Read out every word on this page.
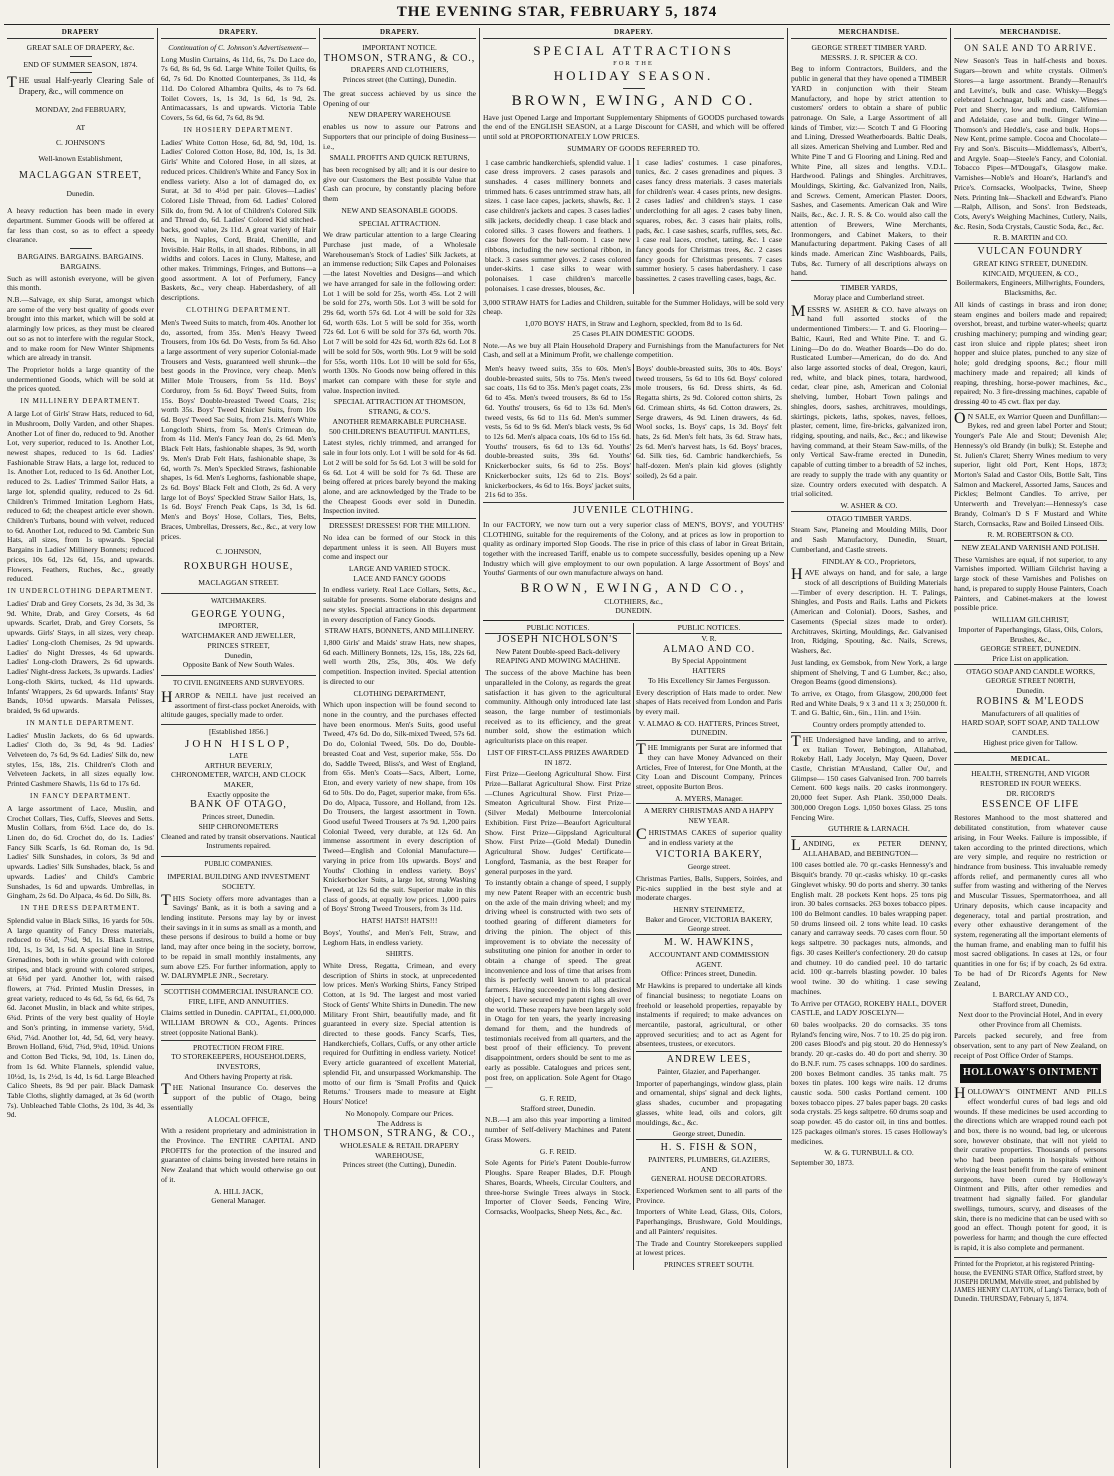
THE EVENING STAR, FEBRUARY 5, 1874
DRAPERY
GREAT SALE OF DRAPERY, &c.
END OF SUMMER SEASON, 1874.
THE usual Half-yearly Clearing Sale of Drapery, &c., will commence on
MONDAY, 2nd FEBRUARY,
AT
C. JOHNSON'S
Well-known Establishment,
MACLAGGAN STREET,
Dunedin.
A heavy reduction has been made in every department. Summer Goods will be offered at far less than cost, so as to effect a speedy clearance.
BARGAINS. BARGAINS. BARGAINS.
BARGAINS.
Such as will astonish everyone, will be given this month.
N.B.—Salvage, ex ship Surat, amongst which are some of the very best quality of goods ever brought into this market, which will be sold at alarmingly low prices, as they must be cleared out so as not to interfere with the regular Stock, and to make room for New Winter Shipments which are already in transit.
The Proprietor holds a large quantity of the undermentioned Goods, which will be sold at the prices quoted.
IN MILLINERY DEPARTMENT.
A large Lot of Girls' Straw Hats, reduced to 6d, in Mushroom, Dolly Varden, and other Shapes. Another Lot of finer do, reduced to 9d. Another Lot, very superior, reduced to 1s. Another Lot, newest shapes, reduced to 1s 6d. Ladies' Fashionable Straw Hats, a large lot, reduced to 1s. Another Lot, reduced to 1s 6d. Another Lot, reduced to 2s. Ladies' Trimmed Sailor Hats, a large lot, splendid quality, reduced to 2s 6d. Children's Trimmed Imitation Leghorn Hats, reduced to 6d; the cheapest article ever shown. Children's Turbans, bound with velvet, reduced to 6d. Another Lot, reduced to 9d. Cambric Sun Hats, all sizes, from 1s upwards. Special Bargains in Ladies' Millinery Bonnets; reduced prices, 10s 6d, 12s 6d, 15s, and upwards. Flowers, Feathers, Ruches, &c., greatly reduced.
IN UNDERCLOTHING DEPARTMENT.
Ladies' Drab and Grey Corsets, 2s 3d, 3s 3d, 3s 9d. White, Drab, and Grey Corsets, 4s 6d upwards. Scarlet, Drab, and Grey Corsets, 5s upwards. Girls' Stays, in all sizes, very cheap. Ladies' Long-cloth Chemises, 2s 9d upwards. Ladies' do Night Dresses, 4s 6d upwards. Ladies' Long-cloth Drawers, 2s 6d upwards. Ladies' Night-dress Jackets, 3s upwards. Ladies' Long-cloth Skirts, tucked, 4s 11d upwards. Infants' Wrappers, 2s 6d upwards. Infants' Stay Bands, 10½d upwards. Marsala Pelisses, braided, 9s 6d upwards.
IN MANTLE DEPARTMENT.
Ladies' Muslin Jackets, do 6s 6d upwards. Ladies' Cloth do, 3s 9d, 4s 9d. Ladies' Velveteen do, 7s 6d, 9s 6d. Ladies' Silk do, new styles, 15s, 18s, 21s. Children's Cloth and Velveteen Jackets, in all sizes equally low. Printed Cashmere Shawls, 11s 6d to 17s 6d.
IN FANCY DEPARTMENT.
A large assortment of Lace, Muslin, and Crochet Collars, Ties, Cuffs, Sleeves and Setts. Muslin Collars, from 6½d. Lace do, do 1s. Linen do, do 6d. Crochet do, do 1s. Ladies' Fancy Silk Scarfs, 1s 6d. Roman do, 1s 9d. Ladies' Silk Sunshades, in colors, 3s 9d and upwards. Ladies' Silk Sunshades, black, 5s and upwards. Ladies' and Child's Cambric Sunshades, 1s 6d and upwards. Umbrellas, in Gingham, 2s 6d. Do Alpaca, 4s 6d. Do Silk, 8s.
IN THE DRESS DEPARTMENT.
Splendid value in Black Silks, 16 yards for 50s. A large quantity of Fancy Dress materials, reduced to 6¼d, 7¼d, 9d, 1s. Black Lustres, 10d, 1s, 1s 3d, 1s 6d. A special line in Stripe Grenadines, both in white ground with colored stripes, and black ground with colored stripes, at 6¾d per yard. Another lot, with raised flowers, at 7¾d. Printed Muslin Dresses, in great variety, reduced to 4s 6d, 5s 6d, 6s 6d, 7s 6d. Jaconet Muslin, in black and white stripes, 6¾d. Prints of the very best quality of Hoyle and Son's printing, in immense variety, 5¼d, 6¾d, 7¼d. Another lot, 4d, 5d, 6d, very heavy. Brown Holland, 6¾d, 7¾d, 9¾d, 10¾d. Unions and Cotton Bed Ticks, 9d, 10d, 1s. Linen do, from 1s 6d. White Flannels, splendid value, 10½d, 1s, 1s 2½d, 1s 4d, 1s 6d. Large Bleached Calico Sheets, 8s 9d per pair. Black Damask Table Cloths, slightly damaged, at 3s 6d (worth 7s). Unbleached Table Cloths, 2s 10d, 3s 4d, 3s 9d.
DRAPERY.
Continuation of C. Johnson's Advertisement—
Long Muslin Curtains, 4s 11d, 6s, 7s. Do Lace do, 7s 6d, 8s 6d, 9s 6d. Large White Toilet Quilts, 6s 6d, 7s 6d. Do Knotted Counterpanes, 3s 11d, 4s 11d. Do Colored Alhambra Quilts, 4s to 7s 6d. Toilet Covers, 1s, 1s 3d, 1s 6d, 1s 9d, 2s. Antimacassars, 1s and upwards. Victoria Table Covers, 5s 6d, 6s 6d, 7s 6d, 8s 9d.
IN HOSIERY DEPARTMENT.
Ladies' White Cotton Hose, 6d, 8d, 9d, 10d, 1s. Ladies' Colored Cotton Hose, 8d, 10d, 1s, 1s 3d. Girls' White and Colored Hose, in all sizes, at reduced prices. Children's White and Fancy Sox in endless variety. Also a lot of damaged do, ex Surat, at 3d to 4½d per pair. Gloves—Ladies' Colored Lisle Thread, from 6d. Ladies' Colored Silk do, from 9d. A lot of Children's Colored Silk and Thread do, 6d. Ladies' Colored Kid stitched-backs, good value, 2s 11d. A great variety of Hair Nets, in Naples, Cord, Braid, Chenille, and Invisible. Hair Rolls, in all shades. Ribbons, in all widths and colors. Laces in Cluny, Maltese, and other makes. Trimmings, Fringes, and Buttons—a good assortment. A lot of Perfumery, Fancy Baskets, &c., very cheap. Haberdashery, of all descriptions.
CLOTHING DEPARTMENT.
Men's Tweed Suits to match, from 40s. Another lot do, assorted, from 35s. Men's Heavy Tweed Trousers, from 10s 6d. Do Vests, from 5s 6d. Also a large assortment of very superior Colonial-made Trousers and Vests, guaranteed well shrunk—the best goods in the Province, very cheap. Men's Miller Mole Trousers, from 5s 11d. Boys' Corduroy, from 5s 6d. Boys' Tweed Suits, from 15s. Boys' Double-breasted Tweed Coats, 21s; worth 35s. Boys' Tweed Knicker Suits, from 10s 6d. Boys' Tweed Sac Suits, from 21s. Men's White Longcloth Shirts, from 5s. Men's Crimean do, from 4s 11d. Men's Fancy Jean do, 2s 6d. Men's Black Felt Hats, fashionable shapes, 3s 9d, worth 9s. Men's Drab Felt Hats, fashionable shape, 3s 6d, worth 7s. Men's Speckled Straws, fashionable shapes, 1s 6d. Men's Leghorns, fashionable shape, 2s 6d. Boys' Black Felt and Cloth, 2s 6d. A very large lot of Boys' Speckled Straw Sailor Hats, 1s, 1s 6d. Boys' French Peak Caps, 1s 3d, 1s 6d. Men's and Boys' Hose, Collars, Ties, Belts, Braces, Umbrellas, Dressers, &c., &c., at very low prices.
C. JOHNSON,
ROXBURGH HOUSE,
MACLAGGAN STREET.
WATCHMAKERS.
GEORGE YOUNG,
IMPORTER,
WATCHMAKER AND JEWELLER,
PRINCES STREET,
Dunedin,
Opposite Bank of New South Wales.
TO CIVIL ENGINEERS AND SURVEYORS.
HARROP & NEILL have just received an assortment of first-class pocket Aneroids, with altitude gauges, specially made to order.
[Established 1856.]
JOHN HISLOP,
LATE
ARTHUR BEVERLY,
CHRONOMETER, WATCH, AND CLOCK MAKER,
Exactly opposite the
BANK OF OTAGO,
Princes street, Dunedin.
SHIP CHRONOMETERS
Cleaned and rated by transit observations. Nautical Instruments repaired.
PUBLIC COMPANIES.
IMPERIAL BUILDING AND INVESTMENT SOCIETY.
THIS Society offers more advantages than a Savings' Bank, as it is both a saving and a lending institute. Persons may lay by or invest their savings in it in sums as small as a month, and these persons if desirous to build a home or buy land, may after once being in the society, borrow, to be repaid in small monthly instalments, any sum above £25. For further information, apply to W. DALRYMPLE JNR., Secretary.
SCOTTISH COMMERCIAL INSURANCE CO.
FIRE, LIFE, AND ANNUITIES.
Claims settled in Dunedin. CAPITAL, £1,000,000. WILLIAM BROWN & CO., Agents. Princes street (opposite National Bank).
PROTECTION FROM FIRE.
TO STOREKEEPERS, HOUSEHOLDERS, INVESTORS,
And Others having Property at risk.
THE National Insurance Co. deserves the support of the public of Otago, being essentially
A LOCAL OFFICE,
With a resident proprietary and administration in the Province. The ENTIRE CAPITAL AND PROFITS for the protection of the insured and guarantee of claims being invested here retains in New Zealand that which would otherwise go out of it.
A. HILL JACK,
General Manager.
DRAPERY.
IMPORTANT NOTICE.
THOMSON, STRANG, & CO.,
DRAPERS AND CLOTHIERS,
Princes street (the Cutting), Dunedin.
The great success achieved by us since the Opening of our
NEW DRAPERY WAREHOUSE
enables us now to assure our Patrons and Supporters that our principle of doing Business—i.e.,
SMALL PROFITS AND QUICK RETURNS,
has been recognised by all; and it is our desire to give our Customers the Best possible Value that Cash can procure, by constantly placing before them
NEW AND SEASONABLE GOODS.
SPECIAL ATTRACTION.
We draw particular attention to a large Clearing Purchase just made, of a Wholesale Warehouseman's Stock of Ladies' Silk Jackets, at an immense reduction; Silk Capes and Polonaises—the latest Novelties and Designs—and which we have arranged for sale in the following order: Lot 1 will be sold for 25s, worth 45s. Lot 2 will be sold for 27s, worth 50s. Lot 3 will be sold for 29s 6d, worth 57s 6d. Lot 4 will be sold for 32s 6d, worth 63s. Lot 5 will be sold for 35s, worth 72s 6d. Lot 6 will be sold for 37s 6d, worth 70s. Lot 7 will be sold for 42s 6d, worth 82s 6d. Lot 8 will be sold for 50s, worth 90s. Lot 9 will be sold for 55s, worth 110s. Lot 10 will be sold for 65s, worth 130s. No Goods now being offered in this market can compare with these for style and value. Inspection invited.
SPECIAL ATTRACTION AT THOMSON, STRANG, & CO.'S.
ANOTHER REMARKABLE PURCHASE.
500 CHILDREN'S BEAUTIFUL MANTLES,
Latest styles, richly trimmed, and arranged for sale in four lots only. Lot 1 will be sold for 4s 6d. Lot 2 will be sold for 5s 6d. Lot 3 will be sold for 6s 6d. Lot 4 will be sold for 7s 6d. These are being offered at prices barely beyond the making alone, and are acknowledged by the Trade to be the Cheapest Goods ever sold in Dunedin. Inspection invited.
DRESSES! DRESSES! FOR THE MILLION.
No idea can be formed of our Stock in this department unless it is seen. All Buyers must come and inspect our
LARGE AND VARIED STOCK.
LACE AND FANCY GOODS
In endless variety. Real Lace Collars, Setts, &c., suitable for presents. Some elaborate designs and new styles. Special attractions in this department in every description of Fancy Goods.
STRAW HATS, BONNETS, AND MILLINERY.
1,800 Girls' and Maids' straw Hats, new shapes, 6d each. Millinery Bonnets, 12s, 15s, 18s, 22s 6d, well worth 20s, 25s, 30s, 40s. We defy competition. Inspection invited. Special attention is directed to our
CLOTHING DEPARTMENT,
Which upon inspection will be found second to none in the country, and the purchases effected have been enormous. Men's Suits, good useful Tweed, 47s 6d. Do do, Silk-mixed Tweed, 57s 6d. Do do, Colonial Tweed, 50s. Do do, Double-breasted Coat and Vest, superior make, 55s. Do do, Saddle Tweed, Bliss's, and West of England, from 65s. Men's Coats—Sacs, Albert, Lorne, Eton, and every variety of new shape, from 10s 6d to 50s. Do do, Paget, superior make, from 65s. Do do, Alpaca, Tussore, and Holland, from 12s. Do Trousers, the largest assortment in Town. Good useful Tweed Trousers at 7s 9d. 1,200 pairs Colonial Tweed, very durable, at 12s 6d. An immense assortment in every description of Tweed—English and Colonial Manufacture—varying in price from 10s upwards. Boys' and Youths' Clothing in endless variety. Boys' Knickerbocker Suits, a large lot, strong Washing Tweed, at 12s 6d the suit. Superior make in this class of goods, at equally low prices. 1,000 pairs of Boys' Strong Tweed Trousers, from 3s 11d.
HATS! HATS!! HATS!!!
Boys', Youths', and Men's Felt, Straw, and Leghorn Hats, in endless variety.
SHIRTS.
White Dress, Regatta, Crimean, and every description of Shirts in stock, at unprecedented low prices. Men's Working Shirts, Fancy Striped Cotton, at 1s 9d. The largest and most varied Stock of Gents' White Shirts in Dunedin. The new Military Front Shirt, beautifully made, and fit guaranteed in every size. Special attention is directed to these goods. Fancy Scarfs, Ties, Handkerchiefs, Collars, Cuffs, or any other article required for Outfitting in endless variety. Notice! Every article guaranteed of excellent Material, splendid Fit, and unsurpassed Workmanship. The motto of our firm is 'Small Profits and Quick Returns.' Trousers made to measure at Eight Hours' Notice!
No Monopoly. Compare our Prices.
The Address is
THOMSON, STRANG, & CO.,
WHOLESALE & RETAIL DRAPERY WAREHOUSE,
Princes street (the Cutting), Dunedin.
DRAPERY.
SPECIAL ATTRACTIONS
FOR THE
HOLIDAY SEASON.
BROWN, EWING, AND CO.
Have just Opened Large and Important Supplementary Shipments of GOODS purchased towards the end of the ENGLISH SEASON, at a Large Discount for CASH, and which will be offered until sold at PROPORTIONATELY LOW PRICES.
SUMMARY OF GOODS REFERRED TO.
1 case cambric handkerchiefs, splendid value. 1 case dress improvers. 2 cases parasols and sunshades. 4 cases millinery bonnets and trimmed hats. 6 cases untrimmed straw hats, all sizes. 1 case lace capes, jackets, shawls, &c. 1 case children's jackets and capes. 3 cases ladies' silk jackets, decidedly cheap. 1 case black and colored silks. 3 cases flowers and feathers. 1 case flowers for the ball-room. 1 case new ribbons, including the new sectional ribbon, in black. 3 cases summer gloves. 2 cases colored under-skirts. 1 case silks to wear with polonaises. 1 case children's marcelle polonaises. 1 case dresses, blouses, &c.
1 case ladies' costumes. 1 case pinafores, tunics, &c. 2 cases grenadines and piques. 3 cases fancy dress materials. 3 cases materials for children's wear. 4 cases prints, new designs. 2 cases ladies' and children's stays. 1 case underclothing for all ages. 2 cases baby linen, squares, robes, &c. 3 cases hair plaits, rolls, pads, &c. 1 case sashes, scarfs, ruffles, sets, &c. 1 case real laces, crochet, tatting, &c. 1 case fancy goods for Christmas trees, &c. 2 cases fancy goods for Christmas presents. 7 cases summer hosiery. 5 cases haberdashery. 1 case bassinettes. 2 cases travelling cases, bags, &c.
3,000 STRAW HATS for Ladies and Children, suitable for the Summer Holidays, will be sold very cheap.
1,070 BOYS' HATS, in Straw and Leghorn, speckled, from 8d to 1s 6d.
25 Cases PLAIN DOMESTIC GOODS.
Note.—As we buy all Plain Household Drapery and Furnishings from the Manufacturers for Net Cash, and sell at a Minimum Profit, we challenge competition.
Men's heavy tweed suits, 35s to 60s. Men's double-breasted suits, 50s to 75s. Men's tweed sac coats, 11s 6d to 35s. Men's paget coats, 23s 6d to 45s. Men's tweed trousers, 8s 6d to 15s 6d. Youths' trousers, 6s 6d to 13s 6d. Men's tweed vests, 6s 6d to 11s 6d. Men's summer vests, 5s 6d to 9s 6d. Men's black vests, 9s 6d to 12s 6d. Men's alpaca coats, 10s 6d to 15s 6d. Youths' trousers, 6s 6d to 13s 6d. Youths' double-breasted suits, 39s 6d. Youths' Knickerbocker suits, 6s 6d to 25s. Boys' Knickerbocker suits, 12s 6d to 21s. Boys' knickerbockers, 4s 6d to 16s. Boys' jacket suits, 21s 6d to 35s.
Boys' double-breasted suits, 30s to 40s. Boys' tweed trousers, 5s 6d to 10s 6d. Boys' colored mole trousers, 6s 6d. Dress shirts, 4s 6d. Regatta shirts, 2s 9d. Colored cotton shirts, 2s 6d. Crimean shirts, 4s 6d. Cotton drawers, 2s. Serge drawers, 4s 9d. Linen drawers, 4s 6d. Wool socks, 1s. Boys' caps, 1s 3d. Boys' felt hats, 2s 6d. Men's felt hats, 3s 6d. Straw hats, 2s 6d. Men's harvest hats, 1s 6d. Boys' braces, 6d. Silk ties, 6d. Cambric handkerchiefs, 5s half-dozen. Men's plain kid gloves (slightly soiled), 2s 6d a pair.
JUVENILE CLOTHING.
In our FACTORY, we now turn out a very superior class of MEN'S, BOYS', and YOUTHS' CLOTHING, suitable for the requirements of the Colony, and at prices as low in proportion to quality as ordinary imported Slop Goods. The rise in price of this class of labor in Great Britain, together with the increased Tariff, enable us to compete successfully, besides opening up a New Industry which will give employment to our own population. A large Assortment of Boys' and Youths' Garments of our own manufacture always on hand.
BROWN, EWING, AND CO.,
CLOTHIERS, &c.,
DUNEDIN.
PUBLIC NOTICES.
JOSEPH NICHOLSON'S
New Patent Double-speed Back-delivery
REAPING AND MOWING MACHINE.
The success of the above Machine has been unparalleled in the Colony, as regards the great satisfaction it has given to the agricultural community. Although only introduced late last season, the large number of testimonials received as to its efficiency, and the great number sold, show the estimation which agriculturists place on this reaper.
LIST OF FIRST-CLASS PRIZES AWARDED IN 1872.
First Prize—Geelong Agricultural Show. First Prize—Ballarat Agricultural Show. First Prize—Clunes Agricultural Show. First Prize—Smeaton Agricultural Show. First Prize—(Silver Medal) Melbourne Intercolonial Exhibition. First Prize—Beaufort Agricultural Show. First Prize—Gippsland Agricultural Show. First Prize—(Gold Medal) Dunedin Agricultural Show. Judges' Certificate—Longford, Tasmania, as the best Reaper for general purposes in the yard.
To instantly obtain a change of speed, I supply my new Patent Reaper with an eccentric bush on the axle of the main driving wheel; and my driving wheel is constructed with two sets of toothed gearing of different diameters for driving the pinion. The object of this improvement is to obviate the necessity of substituting one pinion for another in order to obtain a change of speed. The great inconvenience and loss of time that arises from this is perfectly well known to all practical farmers. Having succeeded in this long desired object, I have secured my patent rights all over the world. These reapers have been largely sold in Otago for ten years, the yearly increasing demand for them, and the hundreds of testimonials received from all quarters, and the best proof of their efficiency. To prevent disappointment, orders should be sent to me as early as possible. Catalogues and prices sent, post free, on application. Sole Agent for Otago—
G. F. REID,
Stafford street, Dunedin.
N.B.—I am also this year importing a limited number of Self-delivery Machines and Patent Grass Mowers.
G. F. REID.
Sole Agents for Pirie's Patent Double-furrow Ploughs. Spare Reaper Blades, D.F. Plough Shares, Boards, Wheels, Circular Coulters, and three-horse Swingle Trees always in Stock. Importer of Clover Seeds, Fencing Wire, Cornsacks, Woolpacks, Sheep Nets, &c., &c.
PUBLIC NOTICES.
V. R.
ALMAO AND CO.
By Special Appointment
HATTERS
To His Excellency Sir James Fergusson.
Every description of Hats made to order. New shapes of Hats received from London and Paris by every mail.
V. ALMAO & CO. HATTERS, Princes Street, DUNEDIN.
THE Immigrants per Surat are informed that they can have Money Advanced on their Articles, Free of Interest, for One Month, at the City Loan and Discount Company, Princes street, opposite Burton Bros.
A. MYERS, Manager.
A MERRY CHRISTMAS AND A HAPPY NEW YEAR.
CHRISTMAS CAKES of superior quality and in endless variety at the
VICTORIA BAKERY,
George street.
Christmas Parties, Balls, Suppers, Soirées, and Pic-nics supplied in the best style and at moderate charges.
HENRY STEINMETZ,
Baker and Grocer, VICTORIA BAKERY, George street.
M. W. HAWKINS,
ACCOUNTANT AND COMMISSION AGENT.
Office: Princes street, Dunedin.
Mr Hawkins is prepared to undertake all kinds of financial business; to negotiate Loans on freehold or leasehold properties, repayable by instalments if required; to make advances on mercantile, pastoral, agricultural, or other approved securities; and to act as Agent for absentees, trustees, or executors.
ANDREW LEES,
Painter, Glazier, and Paperhanger.
Importer of paperhangings, window glass, plain and ornamental, ships' signal and deck lights, glass shades, cucumber and propagating glasses, white lead, oils and colors, gilt mouldings, &c., &c.
George street, Dunedin.
H. S. FISH & SON,
PAINTERS, PLUMBERS, GLAZIERS,
AND
GENERAL HOUSE DECORATORS.
Experienced Workmen sent to all parts of the Province.
Importers of White Lead, Glass, Oils, Colors, Paperhangings, Brushware, Gold Mouldings, and all Painters' requisites.
The Trade and Country Storekeepers supplied at lowest prices.
PRINCES STREET SOUTH.
MERCHANDISE.
GEORGE STREET TIMBER YARD.
MESSRS. J. R. SPICER & CO.
Beg to inform Contractors, Builders, and the public in general that they have opened a TIMBER YARD in conjunction with their Steam Manufactory, and hope by strict attention to customers' orders to obtain a share of public patronage. On Sale, a Large Assortment of all kinds of Timber, viz:— Scotch T and G Flooring and Lining, Dressed Weatherboards. Baltic Deals, all sizes. American Shelving and Lumber. Red and White Pine T and G Flooring and Lining. Red and White Pine, all sizes and lengths. V.D.L. Hardwood. Palings and Shingles. Architraves, Mouldings, Skirting, &c. Galvanized Iron, Nails, and Screws. Cement, American Plaster. Doors, Sashes, and Casements. American Oak and Wire Nails, &c., &c. J. R. S. & Co. would also call the attention of Brewers, Wine Merchants, Ironmongers, and Cabinet Makers, to their Manufacturing department. Paking Cases of all kinds made. American Zinc Washboards, Pails, Tubs, &c. Turnery of all descriptions always on hand.
TIMBER YARDS,
Moray place and Cumberland street.
MESSRS W. ASHER & CO. have always on hand full assorted stocks of the undermentioned Timbers:— T. and G. Flooring—Baltic, Kauri, Red and White Pine. T. and G. Lining—Do do do. Weather Boards—Do do do. Rusticated Lumber—American, do do do. And also large assorted stocks of deal, Oregon, kauri, red, white, and black pines, totara, hardwood, cedar, clear pine, ash, American and Colonial shelving, lumber, Hobart Town palings and shingles, doors, sashes, architraves, mouldings, skirtings, pickets, laths, spokes, naves, felloes, plaster, cement, lime, fire-bricks, galvanized iron, ridging, spouting, and nails, &c., &c.; and likewise having command, at their Steam Saw-mills, of the only Vertical Saw-frame erected in Dunedin, capable of cutting timber to a breadth of 52 inches, are ready to supply the trade with any quantity or size. Country orders executed with despatch. A trial solicited.
W. ASHER & CO.
OTAGO TIMBER YARDS.
Steam Saw, Planeing and Moulding Mills, Door and Sash Manufactory, Dunedin, Stuart, Cumberland, and Castle streets.
FINDLAY & CO., Proprietors,
HAVE always on hand, and for sale, a large stock of all descriptions of Building Materials—Timber of every description. H. T. Palings, Shingles, and Posts and Rails. Laths and Pickets (American and Colonial). Doors, Sashes, and Casements (Special sizes made to order). Architraves, Skirting, Mouldings, &c. Galvanised Iron, Ridging, Spouting, &c. Nails, Screws, Washers, &c.
Just landing, ex Gemsbok, from New York, a large shipment of Shelving, T and G Lumber, &c.; also, Oregon Beams (good dimensions).
To arrive, ex Otago, from Glasgow, 200,000 feet Red and White Deals, 9 x 3 and 11 x 3; 250,000 ft. T. and G. Baltic, 6in., 6in., 11in. and 1½in.
Country orders promptly attended to.
THE Undersigned have landing, and to arrive, ex Italian Tower, Bebington, Allahabad, Rokeby Hall, Lady Jocelyn, May Queen, Dover Castle, Christian M'Ausland, Caller Ou', and Glimpse— 150 cases Galvanised Iron. 700 barrels Cement. 600 kegs nails. 20 casks ironmongery. 20,000 feet Super. Ash Plank. 350,000 Deals. 300,000 Oregon Logs. 1,050 boxes Glass. 25 tons Fencing Wire.
GUTHRIE & LARNACH.
LANDING, ex PETER DENNY, ALLAHABAD, and BEBINGTON—
100 cases bottled ale. 70 qr.-casks Hennessy's and Bisquit's brandy. 70 qr.-casks whisky. 10 qr.-casks Ginglevet whisky. 90 do ports and sherry. 30 tanks English malt. 28 pockets Kent hops. 25 tons pig iron. 30 bales cornsacks. 263 boxes tobacco pipes. 100 do Belmont candles. 10 bales wrapping paper. 50 drums linseed oil. 2 tons white lead. 10 casks canary and carraway seeds. 70 cases corn flour. 50 kegs saltpetre. 30 packages nuts, almonds, and figs. 30 cases Keiller's confectionery. 20 do catsup and chutney. 10 do candied peel. 10 do tartaric acid. 100 qr.-barrels blasting powder. 10 bales wool twine. 30 do whiting. 1 case sewing machines.
To Arrive per OTAGO, ROKEBY HALL, DOVER CASTLE, and LADY JOSCELYN—
60 bales woolpacks. 20 do cornsacks. 35 tons Ryland's fencing wire, Nos. 7 to 10. 25 do pig iron. 200 cases Blood's and pig stout. 20 do Hennessy's brandy. 20 qr.-casks do. 40 do port and sherry. 30 do B.N.F. rum. 75 cases schnapps. 100 do sardines. 200 boxes Belmont candles. 35 tanks malt. 75 boxes tin plates. 100 kegs wire nails. 12 drums caustic soda. 500 casks Portland cement. 100 boxes tobacco pipes. 27 bales paper bags. 20 casks soda crystals. 25 kegs saltpetre. 60 drums soap and soap powder. 45 do castor oil, in tins and bottles. 125 packages oilman's stores. 15 cases Holloway's medicines.
W. & G. TURNBULL & CO.
September 30, 1873.
MERCHANDISE.
ON SALE AND TO ARRIVE.
New Season's Teas in half-chests and boxes. Sugars—brown and white crystals. Oilmen's Stores—a large assortment. Brandy—Renault's and Levitte's, bulk and case. Whisky—Begg's celebrated Lochnagar, bulk and case. Wines—Port and Sherry, low and medium, Californian and Adelaide, case and bulk. Ginger Wine—Thomson's and Heddle's, case and bulk. Hops—New Kent, prime sample. Cocoa and Chocolate—Fry and Son's. Biscuits—Middlemass's, Albert's, and Argyle. Soap—Steele's Fancy, and Colonial. Tobacco Pipes—M'Dougal's, Glasgow make. Varnishes—Noble's and Hoare's, Harland's and Price's. Cornsacks, Woolpacks, Twine, Sheep Nets. Printing Ink—Shackell and Edward's. Piano—Ralph, Allison, and Sons'. Iron Bedsteads, Cots, Avery's Weighing Machines, Cutlery, Nails, &c. Resin, Soda Crystals, Caustic Soda, &c., &c.
R. B. MARTIN and CO.
VULCAN FOUNDRY
GREAT KING STREET, DUNEDIN.
KINCAID, M'QUEEN, & CO.,
Boilermakers, Engineers, Millwrights, Founders, Blacksmiths, &c.
All kinds of castings in brass and iron done; steam engines and boilers made and repaired; overshot, breast, and turbine water-wheels; quartz crushing machinery; pumping and winding gear; cast iron sluice and ripple plates; sheet iron hopper and sluice plates, punched to any size of hole; gold dredging spoons, &c.; flour mill machinery made and repaired; all kinds of reaping, threshing, horse-power machines, &c., repaired; No. 3 fire-dressing machines, capable of dressing 40 to 45 cwt. flax per day.
ON SALE, ex Warrior Queen and Dunfillan:—Bykes, red and green label Porter and Stout; Younger's Pale Ale and Stout; Devenish Ale; Hennessy's old Brandy (in bulk); St. Estephe and St. Julien's Claret; Sherry Wines medium to very superior, light old Port, Kent Hops, 1873; Morton's Salad and Castor Oils, Bottle Salt, Tins Salmon and Mackerel, Assorted Jams, Sauces and Pickles; Belmont Candles. To arrive, per Unterwerth and Trevelyan:—Hennessy's case Brandy, Colman's D S F Mustard and White Starch, Cornsacks, Raw and Boiled Linseed Oils.
R. M. ROBERTSON & CO.
NEW ZEALAND VARNISH AND POLISH.
These Varnishes are equal, if not superior, to any Varnishes imported. William Gilchrist having a large stock of these Varnishes and Polishes on hand, is prepared to supply House Painters, Coach Painters, and Cabinet-makers at the lowest possible price.
WILLIAM GILCHRIST,
Importer of Paperhangings, Glass, Oils, Colors, Brushes, &c.,
GEORGE STREET, DUNEDIN.
Price List on application.
OTAGO SOAP AND CANDLE WORKS,
GEORGE STREET NORTH,
Dunedin.
ROBINS & M'LEODS
Manufacturers of all qualities of
HARD SOAP, SOFT SOAP, AND TALLOW CANDLES.
Highest price given for Tallow.
MEDICAL.
HEALTH, STRENGTH, AND VIGOR RESTORED IN FOUR WEEKS.
DR. RICORD'S
ESSENCE OF LIFE
Restores Manhood to the most shattered and debilitated constitution, from whatever cause arising, in Four Weeks. Failure is impossible, if taken according to the printed directions, which are very simple, and require no restriction or hindrance from business. This invaluable remedy affords relief, and permanently cures all who suffer from wasting and withering of the Nerves and Muscular Tissues, Spermatorrhoea, and all Urinary deposits, which cause incapacity and degeneracy, total and partial prostration, and every other exhaustive derangement of the system, regenerating all the important elements of the human frame, and enabling man to fulfil his most sacred obligations. In cases at 12s, or four quantities in one for 6s; if by coach, 2s 6d extra. To be had of Dr Ricord's Agents for New Zealand,
I. BARCLAY AND CO.,
Stafford street, Dunedin,
Next door to the Provincial Hotel, And in every other Province from all Chemists.
Parcels packed securely, and free from observation, sent to any part of New Zealand, on receipt of Post Office Order of Stamps.
HOLLOWAY'S OINTMENT
HOLLOWAY'S OINTMENT AND PILLS effect wonderful cures of bad legs and old wounds. If these medicines be used according to the directions which are wrapped round each pot and box, there is no wound, bad leg, or ulcerous sore, however obstinate, that will not yield to their curative properties. Thousands of persons who had been patients in hospitals without deriving the least benefit from the care of eminent surgeons, have been cured by Holloway's Ointment and Pills, after other remedies and treatment had signally failed. For glandular swellings, tumours, scurvy, and diseases of the skin, there is no medicine that can be used with so good an effect. Though potent for good, it is powerless for harm; and though the cure effected is rapid, it is also complete and permanent.
Printed for the Proprietor, at his registered Printing-house, the EVENING STAR Office, Stafford street, by JOSEPH DRUMM, Melville street, and published by JAMES HENRY CLAYTON, of Lang's Terrace, both of Dunedin. THURSDAY, February 5, 1874.
